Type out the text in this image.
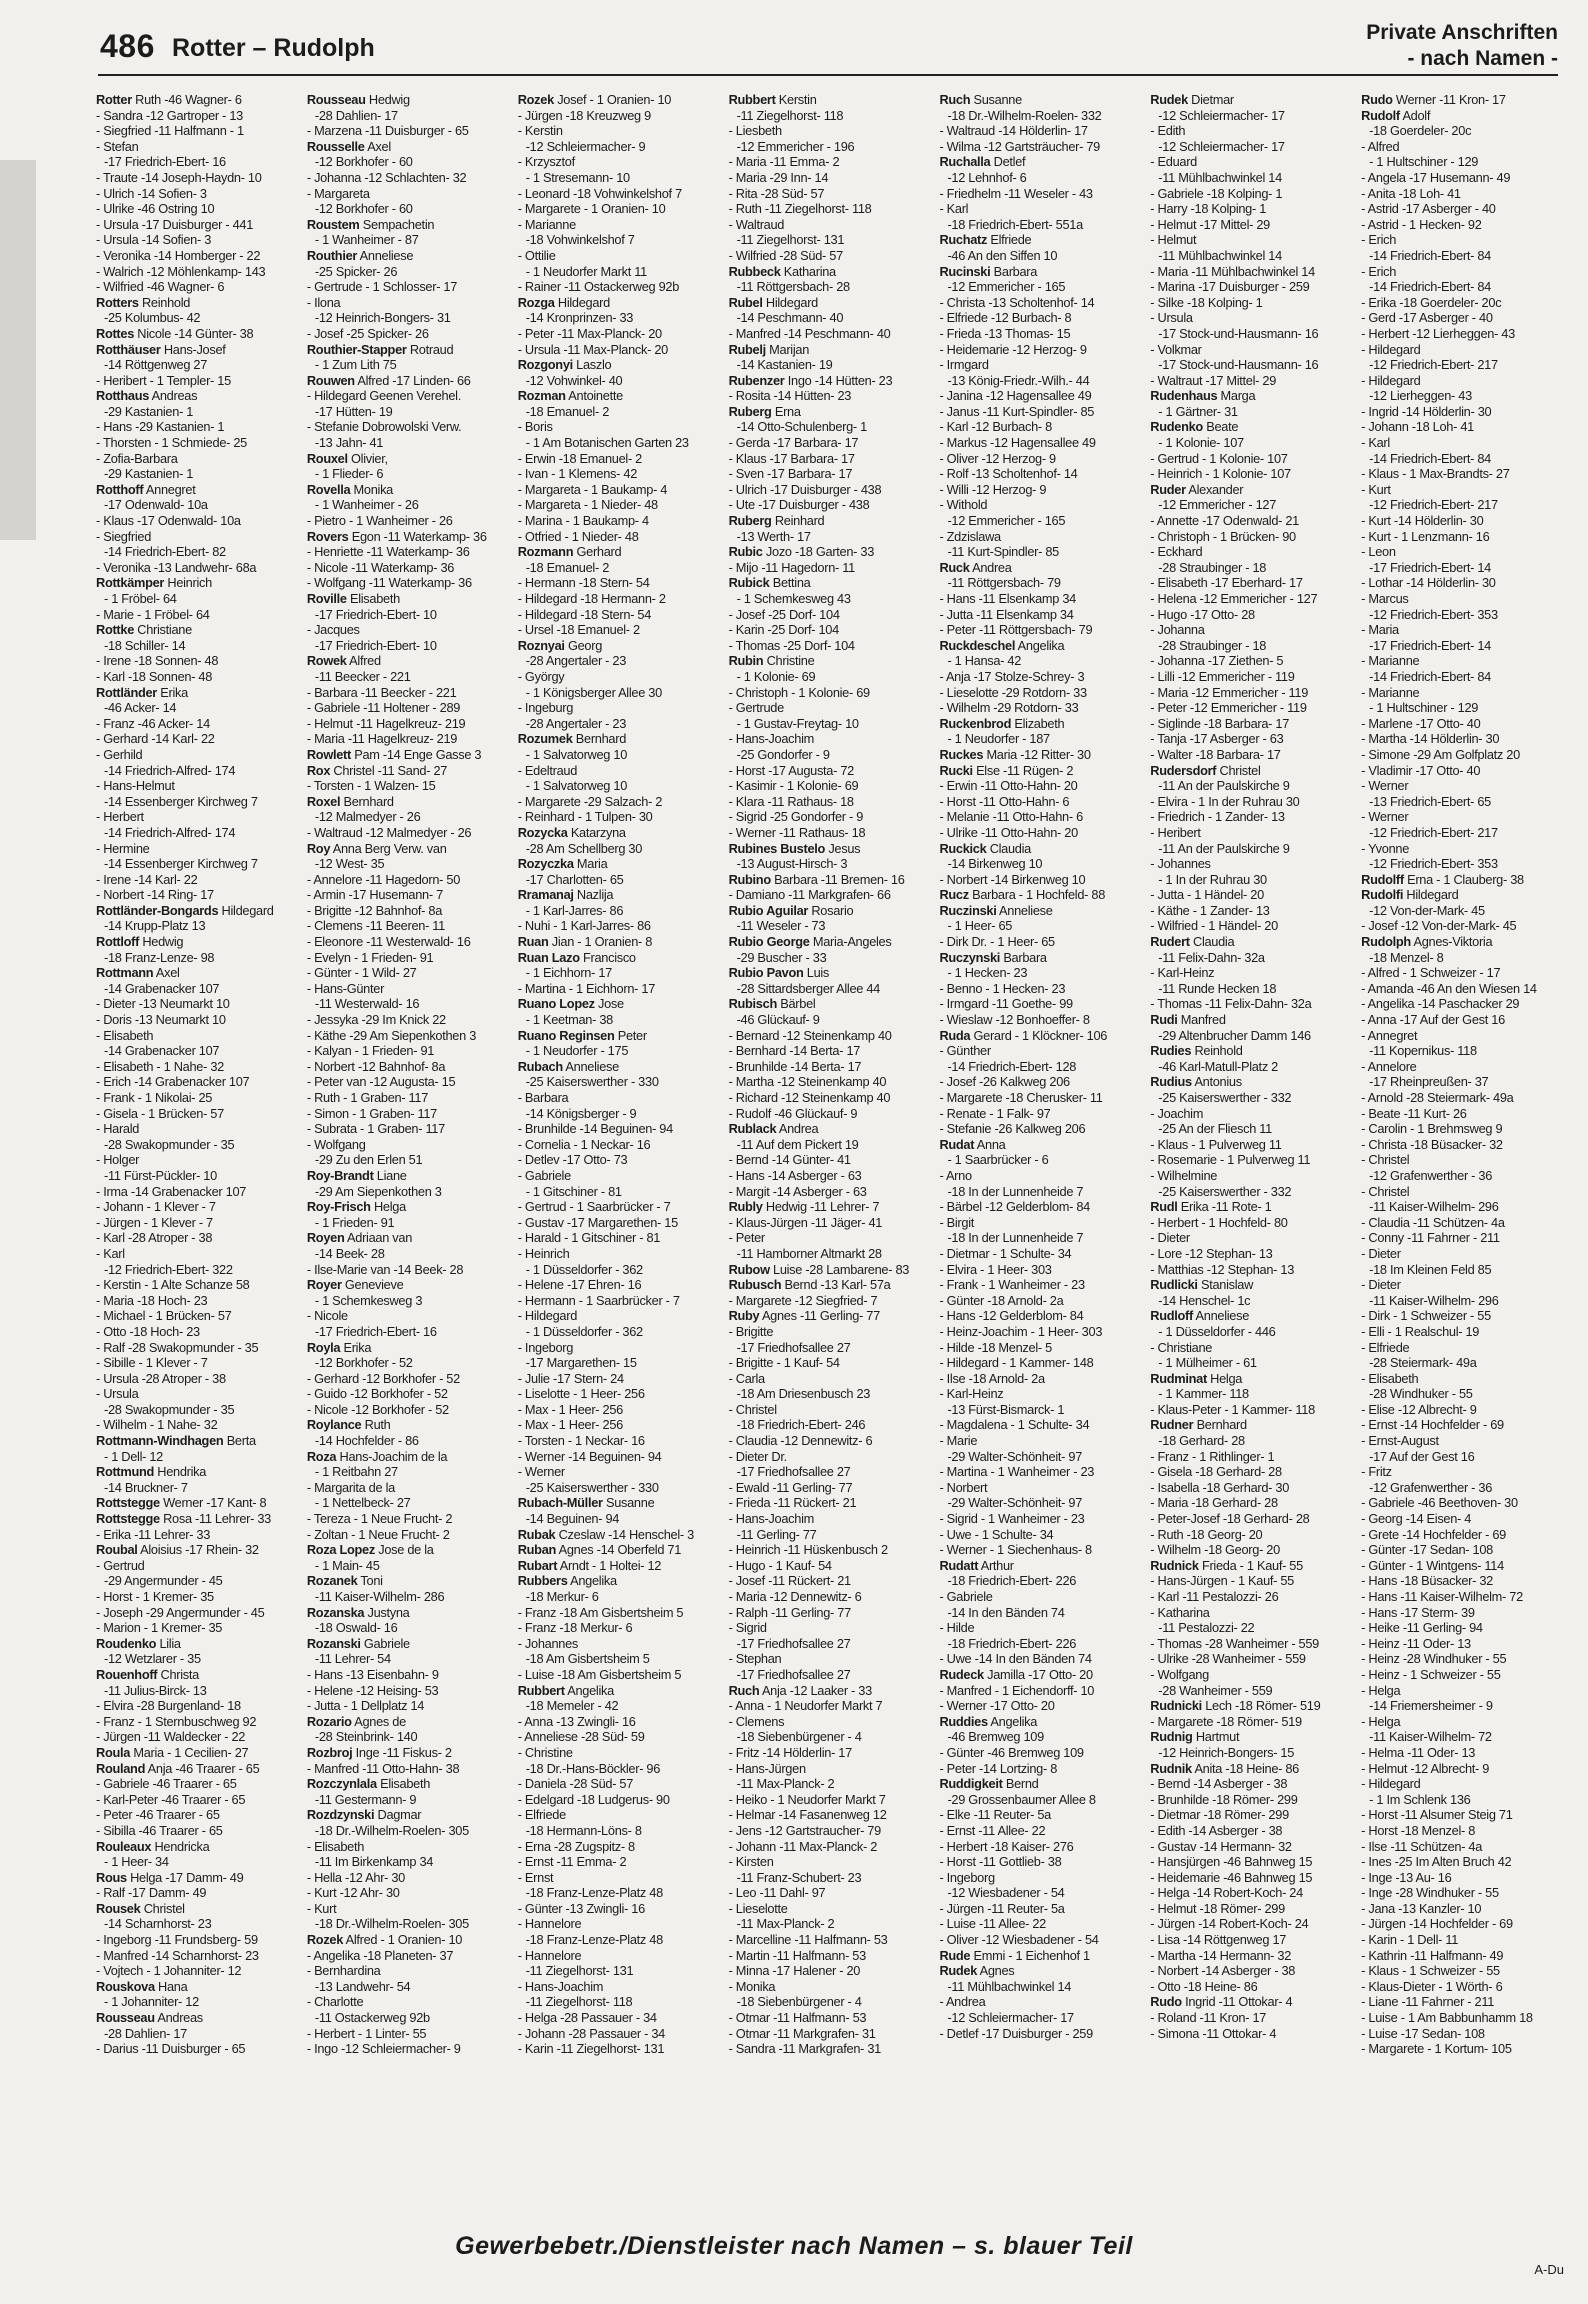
486 Rotter – Rudolph
Private Anschriften
- nach Namen -
Rotter Ruth -46 Wagner- 6
- Sandra -12 Gartroper - 13
- Siegfried -11 Halfmann - 1
- Stefan
-17 Friedrich-Ebert- 16
- Traute -14 Joseph-Haydn- 10
- Ulrich -14 Sofien- 3
- Ulrike -46 Ostring 10
- Ursula -17 Duisburger - 441
- Ursula -14 Sofien- 3
- Veronika -14 Homberger - 22
- Walrich -12 Möhlenkamp- 143
- Wilfried -46 Wagner- 6
Rotters Reinhold
-25 Kolumbus- 42
Rottes Nicole -14 Günter- 38
Rotthäuser Hans-Josef
-14 Röttgenweg 27
- Heribert - 1 Templer- 15
Rotthaus Andreas
-29 Kastanien- 1
- Hans -29 Kastanien- 1
- Thorsten - 1 Schmiede- 25
- Zofia-Barbara
-29 Kastanien- 1
Rotthoff Annegret
-17 Odenwald- 10a
- Klaus -17 Odenwald- 10a
- Siegfried
-14 Friedrich-Ebert- 82
- Veronika -13 Landwehr- 68a
Rottkämper Heinrich
- 1 Fröbel- 64
- Marie - 1 Fröbel- 64
Rottke Christiane
-18 Schiller- 14
- Irene -18 Sonnen- 48
- Karl -18 Sonnen- 48
Rottländer Erika
-46 Acker- 14
- Franz -46 Acker- 14
- Gerhard -14 Karl- 22
- Gerhild
-14 Friedrich-Alfred- 174
- Hans-Helmut
-14 Essenberger Kirchweg 7
- Herbert
-14 Friedrich-Alfred- 174
- Hermine
-14 Essenberger Kirchweg 7
- Irene -14 Karl- 22
- Norbert -14 Ring- 17
Rottländer-Bongards Hildegard
-14 Krupp-Platz 13
Rottloff Hedwig
-18 Franz-Lenze- 98
Rottmann Axel
-14 Grabenacker 107
- Dieter -13 Neumarkt 10
- Doris -13 Neumarkt 10
- Elisabeth
-14 Grabenacker 107
- Elisabeth - 1 Nahe- 32
- Erich -14 Grabenacker 107
- Frank - 1 Nikolai- 25
- Gisela - 1 Brücken- 57
- Harald
-28 Swakopmunder - 35
- Holger
-11 Fürst-Pückler- 10
- Irma -14 Grabenacker 107
- Johann - 1 Klever - 7
- Jürgen - 1 Klever - 7
- Karl -28 Atroper - 38
- Karl
-12 Friedrich-Ebert- 322
- Kerstin - 1 Alte Schanze 58
- Maria -18 Hoch- 23
- Michael - 1 Brücken- 57
- Otto -18 Hoch- 23
- Ralf -28 Swakopmunder - 35
- Sibille - 1 Klever - 7
- Ursula -28 Atroper - 38
- Ursula
-28 Swakopmunder - 35
- Wilhelm - 1 Nahe- 32
Rottmann-Windhagen Berta
- 1 Dell- 12
Rottmund Hendrika
-14 Bruckner- 7
Rottstegge Werner -17 Kant- 8
Rottstegge Rosa -11 Lehrer- 33
- Erika -11 Lehrer- 33
Roubal Aloisius -17 Rhein- 32
- Gertrud
-29 Angermunder - 45
- Horst - 1 Kremer- 35
- Joseph -29 Angermunder - 45
- Marion - 1 Kremer- 35
Roudenko Lilia
-12 Wetzlarer - 35
Rouenhoff Christa
-11 Julius-Birck- 13
- Elvira -28 Burgenland- 18
- Franz - 1 Sternbuschweg 92
- Jürgen -11 Waldecker - 22
Roula Maria - 1 Cecilien- 27
Rouland Anja -46 Traarer - 65
- Gabriele -46 Traarer - 65
- Karl-Peter -46 Traarer - 65
- Peter -46 Traarer - 65
- Sibilla -46 Traarer - 65
Rouleaux Hendricka
- 1 Heer- 34
Rous Helga -17 Damm- 49
- Ralf -17 Damm- 49
Rousek Christel
-14 Scharnhorst- 23
- Ingeborg -11 Frundsberg- 59
- Manfred -14 Scharnhorst- 23
- Vojtech - 1 Johanniter- 12
Rouskova Hana
- 1 Johanniter- 12
Rousseau Andreas
-28 Dahlien- 17
- Darius -11 Duisburger - 65
Rousseau Hedwig
-28 Dahlien- 17
- Marzena -11 Duisburger - 65
Rousselle Axel
-12 Borkhofer - 60
- Johanna -12 Schlachten- 32
- Margareta
-12 Borkhofer - 60
Roustem Sempachetin
- 1 Wanheimer - 87
Routhier Anneliese
-25 Spicker- 26
- Gertrude - 1 Schlosser- 17
- Ilona
-12 Heinrich-Bongers- 31
- Josef -25 Spicker- 26
Routhier-Stapper Rotraud
- 1 Zum Lith 75
Rouwen Alfred -17 Linden- 66
- Hildegard Geenen Verehel.
-17 Hütten- 19
- Stefanie Dobrowolski Verw.
-13 Jahn- 41
Rouxel Olivier,
- 1 Flieder- 6
Rovella Monika
- 1 Wanheimer - 26
- Pietro - 1 Wanheimer - 26
Rovers Egon -11 Waterkamp- 36
- Henriette -11 Waterkamp- 36
- Nicole -11 Waterkamp- 36
- Wolfgang -11 Waterkamp- 36
Roville Elisabeth
-17 Friedrich-Ebert- 10
- Jacques
-17 Friedrich-Ebert- 10
Rowek Alfred
-11 Beecker - 221
- Barbara -11 Beecker - 221
- Gabriele -11 Holtener - 289
- Helmut -11 Hagelkreuz- 219
- Maria -11 Hagelkreuz- 219
Rowlett Pam -14 Enge Gasse 3
Rox Christel -11 Sand- 27
- Torsten - 1 Walzen- 15
Roxel Bernhard
-12 Malmedyer - 26
- Waltraud -12 Malmedyer - 26
Roy Anna Berg Verw. van
-12 West- 35
- Annelore -11 Hagedorn- 50
- Armin -17 Husemann- 7
- Brigitte -12 Bahnhof- 8a
- Clemens -11 Beeren- 11
- Eleonore -11 Westerwald- 16
- Evelyn - 1 Frieden- 91
- Günter - 1 Wild- 27
- Hans-Günter
-11 Westerwald- 16
- Jessyka -29 Im Knick 22
- Käthe -29 Am Siepenkothen 3
- Kalyan - 1 Frieden- 91
- Norbert -12 Bahnhof- 8a
- Peter van -12 Augusta- 15
- Ruth - 1 Graben- 117
- Simon - 1 Graben- 117
- Subrata - 1 Graben- 117
- Wolfgang
-29 Zu den Erlen 51
Roy-Brandt Liane
-29 Am Siepenkothen 3
Roy-Frisch Helga
- 1 Frieden- 91
Royen Adriaan van
-14 Beek- 28
- Ilse-Marie van -14 Beek- 28
Royer Genevieve
- 1 Schemkesweg 3
- Nicole
-17 Friedrich-Ebert- 16
Royla Erika
-12 Borkhofer - 52
- Gerhard -12 Borkhofer - 52
- Guido -12 Borkhofer - 52
- Nicole -12 Borkhofer - 52
Roylance Ruth
-14 Hochfelder - 86
Roza Hans-Joachim de la
- 1 Reitbahn 27
- Margarita de la
- 1 Nettelbeck- 27
- Tereza - 1 Neue Frucht- 2
- Zoltan - 1 Neue Frucht- 2
Roza Lopez Jose de la
- 1 Main- 45
Rozanek Toni
-11 Kaiser-Wilhelm- 286
Rozanska Justyna
-18 Oswald- 16
Rozanski Gabriele
-11 Lehrer- 54
- Hans -13 Eisenbahn- 9
- Helene -12 Heising- 53
- Jutta - 1 Dellplatz 14
Rozario Agnes de
-28 Steinbrink- 140
Rozbroj Inge -11 Fiskus- 2
- Manfred -11 Otto-Hahn- 38
Rozczynlala Elisabeth
-11 Gestermann- 9
Rozdzynski Dagmar
-18 Dr.-Wilhelm-Roelen- 305
- Elisabeth
-11 Im Birkenkamp 34
- Hella -12 Ahr- 30
- Kurt -12 Ahr- 30
- Kurt
-18 Dr.-Wilhelm-Roelen- 305
Rozek Alfred - 1 Oranien- 10
- Angelika -18 Planeten- 37
- Bernhardina
-13 Landwehr- 54
- Charlotte
-11 Ostackerweg 92b
- Herbert - 1 Linter- 55
- Ingo -12 Schleiermacher- 9
Rozek Josef - 1 Oranien- 10
- Jürgen -18 Kreuzweg 9
- Kerstin
-12 Schleiermacher- 9
- Krzysztof
- 1 Stresemann- 10
- Leonard -18 Vohwinkelshof 7
- Margarete - 1 Oranien- 10
- Marianne
-18 Vohwinkelshof 7
- Ottilie
- 1 Neudorfer Markt 11
- Rainer -11 Ostackerweg 92b
Rozga Hildegard
-14 Kronprinzen- 33
- Peter -11 Max-Planck- 20
- Ursula -11 Max-Planck- 20
Rozgonyi Laszlo
-12 Vohwinkel- 40
Rozman Antoinette
-18 Emanuel- 2
- Boris
- 1 Am Botanischen Garten 23
- Erwin -18 Emanuel- 2
- Ivan - 1 Klemens- 42
- Margareta - 1 Baukamp- 4
- Margareta - 1 Nieder- 48
- Marina - 1 Baukamp- 4
- Otfried - 1 Nieder- 48
Rozmann Gerhard
-18 Emanuel- 2
- Hermann -18 Stern- 54
- Hildegard -18 Hermann- 2
- Hildegard -18 Stern- 54
- Ursel -18 Emanuel- 2
Roznyai Georg
-28 Angertaler - 23
- György
- 1 Königsberger Allee 30
- Ingeburg
-28 Angertaler - 23
Rozumek Bernhard
- 1 Salvatorweg 10
- Edeltraud
- 1 Salvatorweg 10
- Margarete -29 Salzach- 2
- Reinhard - 1 Tulpen- 30
Rozycka Katarzyna
-28 Am Schellberg 30
Rozyczka Maria
-17 Charlotten- 65
Rramanaj Nazlija
- 1 Karl-Jarres- 86
- Nuhi - 1 Karl-Jarres- 86
Ruan Jian - 1 Oranien- 8
Ruan Lazo Francisco
- 1 Eichhorn- 17
- Martina - 1 Eichhorn- 17
Ruano Lopez Jose
- 1 Keetman- 38
Ruano Reginsen Peter
- 1 Neudorfer - 175
Rubach Anneliese
-25 Kaiserswerther - 330
- Barbara
-14 Königsberger - 9
- Brunhilde -14 Beguinen- 94
- Cornelia - 1 Neckar- 16
- Detlev -17 Otto- 73
- Gabriele
- 1 Gitschiner - 81
- Gertrud - 1 Saarbrücker - 7
- Gustav -17 Margarethen- 15
- Harald - 1 Gitschiner - 81
- Heinrich
- 1 Düsseldorfer - 362
- Helene -17 Ehren- 16
- Hermann - 1 Saarbrücker - 7
- Hildegard
- 1 Düsseldorfer - 362
- Ingeborg
-17 Margarethen- 15
- Julie -17 Stern- 24
- Liselotte - 1 Heer- 256
- Max - 1 Heer- 256
- Max - 1 Heer- 256
- Torsten - 1 Neckar- 16
- Werner -14 Beguinen- 94
- Werner
-25 Kaiserswerther - 330
Rubach-Müller Susanne
-14 Beguinen- 94
Rubak Czeslaw -14 Henschel- 3
Ruban Agnes -14 Oberfeld 71
Rubart Arndt - 1 Holtei- 12
Rubbers Angelika
-18 Merkur- 6
- Franz -18 Am Gisbertsheim 5
- Franz -18 Merkur- 6
- Johannes
-18 Am Gisbertsheim 5
- Luise -18 Am Gisbertsheim 5
Rubbert Angelika
-18 Memeler - 42
- Anna -13 Zwingli- 16
- Anneliese -28 Süd- 59
- Christine
-18 Dr.-Hans-Böckler- 96
- Daniela -28 Süd- 57
- Edelgard -18 Ludgerus- 90
- Elfriede
-18 Hermann-Löns- 8
- Erna -28 Zugspitz- 8
- Ernst -11 Emma- 2
- Ernst
-18 Franz-Lenze-Platz 48
- Günter -13 Zwingli- 16
- Hannelore
-18 Franz-Lenze-Platz 48
- Hannelore
-11 Ziegelhorst- 131
- Hans-Joachim
-11 Ziegelhorst- 118
- Helga -28 Passauer - 34
- Johann -28 Passauer - 34
- Karin -11 Ziegelhorst- 131
Rubbert Kerstin
-11 Ziegelhorst- 118
- Liesbeth
-12 Emmericher - 196
- Maria -11 Emma- 2
- Maria -29 Inn- 14
- Rita -28 Süd- 57
- Ruth -11 Ziegelhorst- 118
- Waltraud
-11 Ziegelhorst- 131
- Wilfried -28 Süd- 57
Rubbeck Katharina
-11 Röttgersbach- 28
Rubel Hildegard
-14 Peschmann- 40
- Manfred -14 Peschmann- 40
Rubelj Marijan
-14 Kastanien- 19
Rubenzer Ingo -14 Hütten- 23
- Rosita -14 Hütten- 23
Ruberg Erna
-14 Otto-Schulenberg- 1
- Gerda -17 Barbara- 17
- Klaus -17 Barbara- 17
- Sven -17 Barbara- 17
- Ulrich -17 Duisburger - 438
- Ute -17 Duisburger - 438
Ruberg Reinhard
-13 Werth- 17
Rubic Jozo -18 Garten- 33
- Mijo -11 Hagedorn- 11
Rubick Bettina
- 1 Schemkesweg 43
- Josef -25 Dorf- 104
- Karin -25 Dorf- 104
- Thomas -25 Dorf- 104
Rubin Christine
- 1 Kolonie- 69
- Christoph - 1 Kolonie- 69
- Gertrude
- 1 Gustav-Freytag- 10
- Hans-Joachim
-25 Gondorfer - 9
- Horst -17 Augusta- 72
- Kasimir - 1 Kolonie- 69
- Klara -11 Rathaus- 18
- Sigrid -25 Gondorfer - 9
- Werner -11 Rathaus- 18
Rubines Bustelo Jesus
-13 August-Hirsch- 3
Rubino Barbara -11 Bremen- 16
- Damiano -11 Markgrafen- 66
Rubio Aguilar Rosario
-11 Weseler - 73
Rubio George Maria-Angeles
-29 Buscher - 33
Rubio Pavon Luis
-28 Sittardsberger Allee 44
Rubisch Bärbel
-46 Glückauf- 9
- Bernard -12 Steinenkamp 40
- Bernhard -14 Berta- 17
- Brunhilde -14 Berta- 17
- Martha -12 Steinenkamp 40
- Richard -12 Steinenkamp 40
- Rudolf -46 Glückauf- 9
Rublack Andrea
-11 Auf dem Pickert 19
- Bernd -14 Günter- 41
- Hans -14 Asberger - 63
- Margit -14 Asberger - 63
Rubly Hedwig -11 Lehrer- 7
- Klaus-Jürgen -11 Jäger- 41
- Peter
-11 Hamborner Altmarkt 28
Rubow Luise -28 Lambarene- 83
Rubusch Bernd -13 Karl- 57a
- Margarete -12 Siegfried- 7
Ruby Agnes -11 Gerling- 77
- Brigitte
-17 Friedhofsallee 27
- Brigitte - 1 Kauf- 54
- Carla
-18 Am Driesenbusch 23
- Christel
-18 Friedrich-Ebert- 246
- Claudia -12 Dennewitz- 6
- Dieter Dr.
-17 Friedhofsallee 27
- Ewald -11 Gerling- 77
- Frieda -11 Rückert- 21
- Hans-Joachim
-11 Gerling- 77
- Heinrich -11 Hüskenbusch 2
- Hugo - 1 Kauf- 54
- Josef -11 Rückert- 21
- Maria -12 Dennewitz- 6
- Ralph -11 Gerling- 77
- Sigrid
-17 Friedhofsallee 27
- Stephan
-17 Friedhofsallee 27
Ruch Anja -12 Laaker - 33
- Anna - 1 Neudorfer Markt 7
- Clemens
-18 Siebenbürgener - 4
- Fritz -14 Hölderlin- 17
- Hans-Jürgen
-11 Max-Planck- 2
- Heiko - 1 Neudorfer Markt 7
- Helmar -14 Fasanenweg 12
- Jens -12 Gartstraucher- 79
- Johann -11 Max-Planck- 2
- Kirsten
-11 Franz-Schubert- 23
- Leo -11 Dahl- 97
- Lieselotte
-11 Max-Planck- 2
- Marcelline -11 Halfmann- 53
- Martin -11 Halfmann- 53
- Minna -17 Halener - 20
- Monika
-18 Siebenbürgener - 4
- Otmar -11 Halfmann- 53
- Otmar -11 Markgrafen- 31
- Sandra -11 Markgrafen- 31
Ruch Susanne
-18 Dr.-Wilhelm-Roelen- 332
- Waltraud -14 Hölderlin- 17
- Wilma -12 Gartsträucher- 79
Ruchalla Detlef
-12 Lehnhof- 6
- Friedhelm -11 Weseler - 43
- Karl
-18 Friedrich-Ebert- 551a
Ruchatz Elfriede
-46 An den Siffen 10
Rucinski Barbara
-12 Emmericher - 165
- Christa -13 Scholtenhof- 14
- Elfriede -12 Burbach- 8
- Frieda -13 Thomas- 15
- Heidemarie -12 Herzog- 9
- Irmgard
-13 König-Friedr.-Wilh.- 44
- Janina -12 Hagensallee 49
- Janus -11 Kurt-Spindler- 85
- Karl -12 Burbach- 8
- Markus -12 Hagensallee 49
- Oliver -12 Herzog- 9
- Rolf -13 Scholtenhof- 14
- Willi -12 Herzog- 9
- Withold
-12 Emmericher - 165
- Zdzislawa
-11 Kurt-Spindler- 85
Ruck Andrea
-11 Röttgersbach- 79
- Hans -11 Elsenkamp 34
- Jutta -11 Elsenkamp 34
- Peter -11 Röttgersbach- 79
Ruckdeschel Angelika
- 1 Hansa- 42
- Anja -17 Stolze-Schrey- 3
- Lieselotte -29 Rotdorn- 33
- Wilhelm -29 Rotdorn- 33
Ruckenbrod Elizabeth
- 1 Neudorfer - 187
Ruckes Maria -12 Ritter- 30
Rucki Else -11 Rügen- 2
- Erwin -11 Otto-Hahn- 20
- Horst -11 Otto-Hahn- 6
- Melanie -11 Otto-Hahn- 6
- Ulrike -11 Otto-Hahn- 20
Ruckick Claudia
-14 Birkenweg 10
- Norbert -14 Birkenweg 10
Rucz Barbara - 1 Hochfeld- 88
Ruczinski Anneliese
- 1 Heer- 65
- Dirk Dr. - 1 Heer- 65
Ruczynski Barbara
- 1 Hecken- 23
- Benno - 1 Hecken- 23
- Irmgard -11 Goethe- 99
- Wieslaw -12 Bonhoeffer- 8
Ruda Gerard - 1 Klöckner- 106
- Günther
-14 Friedrich-Ebert- 128
- Josef -26 Kalkweg 206
- Margarete -18 Cherusker- 11
- Renate - 1 Falk- 97
- Stefanie -26 Kalkweg 206
Rudat Anna
- 1 Saarbrücker - 6
- Arno
-18 In der Lunnenheide 7
- Bärbel -12 Gelderblom- 84
- Birgit
-18 In der Lunnenheide 7
- Dietmar - 1 Schulte- 34
- Elvira - 1 Heer- 303
- Frank - 1 Wanheimer - 23
- Günter -18 Arnold- 2a
- Hans -12 Gelderblom- 84
- Heinz-Joachim - 1 Heer- 303
- Hilde -18 Menzel- 5
- Hildegard - 1 Kammer- 148
- Ilse -18 Arnold- 2a
- Karl-Heinz
-13 Fürst-Bismarck- 1
- Magdalena - 1 Schulte- 34
- Marie
-29 Walter-Schönheit- 97
- Martina - 1 Wanheimer - 23
- Norbert
-29 Walter-Schönheit- 97
- Sigrid - 1 Wanheimer - 23
- Uwe - 1 Schulte- 34
- Werner - 1 Siechenhaus- 8
Rudatt Arthur
-18 Friedrich-Ebert- 226
- Gabriele
-14 In den Bänden 74
- Hilde
-18 Friedrich-Ebert- 226
- Uwe -14 In den Bänden 74
Rudeck Jamilla -17 Otto- 20
- Manfred - 1 Eichendorff- 10
- Werner -17 Otto- 20
Ruddies Angelika
-46 Bremweg 109
- Günter -46 Bremweg 109
- Peter -14 Lortzing- 8
Ruddigkeit Bernd
-29 Grossenbaumer Allee 8
- Elke -11 Reuter- 5a
- Ernst -11 Allee- 22
- Herbert -18 Kaiser- 276
- Horst -11 Gottlieb- 38
- Ingeborg
-12 Wiesbadener - 54
- Jürgen -11 Reuter- 5a
- Luise -11 Allee- 22
- Oliver -12 Wiesbadener - 54
Rude Emmi - 1 Eichenhof 1
Rudek Agnes
-11 Mühlbachwinkel 14
- Andrea
-12 Schleiermacher- 17
- Detlef -17 Duisburger - 259
Rudek Dietmar
-12 Schleiermacher- 17
- Edith
-12 Schleiermacher- 17
- Eduard
-11 Mühlbachwinkel 14
- Gabriele -18 Kolping- 1
- Harry -18 Kolping- 1
- Helmut -17 Mittel- 29
- Helmut
-11 Mühlbachwinkel 14
- Maria -11 Mühlbachwinkel 14
- Marina -17 Duisburger - 259
- Silke -18 Kolping- 1
- Ursula
-17 Stock-und-Hausmann- 16
- Volkmar
-17 Stock-und-Hausmann- 16
- Waltraut -17 Mittel- 29
Rudenhaus Marga
- 1 Gärtner- 31
Rudenko Beate
- 1 Kolonie- 107
- Gertrud - 1 Kolonie- 107
- Heinrich - 1 Kolonie- 107
Ruder Alexander
-12 Emmericher - 127
- Annette -17 Odenwald- 21
- Christoph - 1 Brücken- 90
- Eckhard
-28 Straubinger - 18
- Elisabeth -17 Eberhard- 17
- Helena -12 Emmericher - 127
- Hugo -17 Otto- 28
- Johanna
-28 Straubinger - 18
- Johanna -17 Ziethen- 5
- Lilli -12 Emmericher - 119
- Maria -12 Emmericher - 119
- Peter -12 Emmericher - 119
- Siglinde -18 Barbara- 17
- Tanja -17 Asberger - 63
- Walter -18 Barbara- 17
Rudersdorf Christel
-11 An der Paulskirche 9
- Elvira - 1 In der Ruhrau 30
- Friedrich - 1 Zander- 13
- Heribert
-11 An der Paulskirche 9
- Johannes
- 1 In der Ruhrau 30
- Jutta - 1 Händel- 20
- Käthe - 1 Zander- 13
- Wilfried - 1 Händel- 20
Rudert Claudia
-11 Felix-Dahn- 32a
- Karl-Heinz
-11 Runde Hecken 18
- Thomas -11 Felix-Dahn- 32a
Rudi Manfred
-29 Altenbrucher Damm 146
Rudies Reinhold
-46 Karl-Matull-Platz 2
Rudius Antonius
-25 Kaiserswerther - 332
- Joachim
-25 An der Fliesch 11
- Klaus - 1 Pulverweg 11
- Rosemarie - 1 Pulverweg 11
- Wilhelmine
-25 Kaiserswerther - 332
Rudl Erika -11 Rote- 1
- Herbert - 1 Hochfeld- 80
- Dieter
- Lore -12 Stephan- 13
- Matthias -12 Stephan- 13
Rudlicki Stanislaw
-14 Henschel- 1c
Rudloff Anneliese
- 1 Düsseldorfer - 446
- Christiane
- 1 Mülheimer - 61
Rudminat Helga
- 1 Kammer- 118
- Klaus-Peter - 1 Kammer- 118
Rudner Bernhard
-18 Gerhard- 28
- Franz - 1 Rithlinger- 1
- Gisela -18 Gerhard- 28
- Isabella -18 Gerhard- 30
- Maria -18 Gerhard- 28
- Peter-Josef -18 Gerhard- 28
- Ruth -18 Georg- 20
- Wilhelm -18 Georg- 20
Rudnick Frieda - 1 Kauf- 55
- Hans-Jürgen - 1 Kauf- 55
- Karl -11 Pestalozzi- 26
- Katharina
-11 Pestalozzi- 22
- Thomas -28 Wanheimer - 559
- Ulrike -28 Wanheimer - 559
- Wolfgang
-28 Wanheimer - 559
Rudnicki Lech -18 Römer- 519
- Margarete -18 Römer- 519
Rudnig Hartmut
-12 Heinrich-Bongers- 15
Rudnik Anita -18 Heine- 86
- Bernd -14 Asberger - 38
- Brunhilde -18 Römer- 299
- Dietmar -18 Römer- 299
- Edith -14 Asberger - 38
- Gustav -14 Hermann- 32
- Hansjürgen -46 Bahnweg 15
- Heidemarie -46 Bahnweg 15
- Helga -14 Robert-Koch- 24
- Helmut -18 Römer- 299
- Jürgen -14 Robert-Koch- 24
- Lisa -14 Röttgenweg 17
- Martha -14 Hermann- 32
- Norbert -14 Asberger - 38
- Otto -18 Heine- 86
Rudo Ingrid -11 Ottokar- 4
- Roland -11 Kron- 17
- Simona -11 Ottokar- 4
Rudo Werner -11 Kron- 17
Rudolf Adolf
-18 Goerdeler- 20c
- Alfred
- 1 Hultschiner - 129
- Angela -17 Husemann- 49
- Anita -18 Loh- 41
- Astrid -17 Asberger - 40
- Astrid - 1 Hecken- 92
- Erich
-14 Friedrich-Ebert- 84
- Erich
-14 Friedrich-Ebert- 84
- Erika -18 Goerdeler- 20c
- Gerd -17 Asberger - 40
- Herbert -12 Lierheggen- 43
- Hildegard
-12 Friedrich-Ebert- 217
- Hildegard
-12 Lierheggen- 43
- Ingrid -14 Hölderlin- 30
- Johann -18 Loh- 41
- Karl
-14 Friedrich-Ebert- 84
- Klaus - 1 Max-Brandts- 27
- Kurt
-12 Friedrich-Ebert- 217
- Kurt -14 Hölderlin- 30
- Kurt - 1 Lenzmann- 16
- Leon
-17 Friedrich-Ebert- 14
- Lothar -14 Hölderlin- 30
- Marcus
-12 Friedrich-Ebert- 353
- Maria
-17 Friedrich-Ebert- 14
- Marianne
-14 Friedrich-Ebert- 84
- Marianne
- 1 Hultschiner - 129
- Marlene -17 Otto- 40
- Martha -14 Hölderlin- 30
- Simone -29 Am Golfplatz 20
- Vladimir -17 Otto- 40
- Werner
-13 Friedrich-Ebert- 65
- Werner
-12 Friedrich-Ebert- 217
- Yvonne
-12 Friedrich-Ebert- 353
Rudolff Erna - 1 Clauberg- 38
Rudolfi Hildegard
-12 Von-der-Mark- 45
- Josef -12 Von-der-Mark- 45
Rudolph Agnes-Viktoria
-18 Menzel- 8
- Alfred - 1 Schweizer - 17
- Amanda -46 An den Wiesen 14
- Angelika -14 Paschacker 29
- Anna -17 Auf der Gest 16
- Annegret
-11 Kopernikus- 118
- Annelore
-17 Rheinpreußen- 37
- Arnold -28 Steiermark- 49a
- Beate -11 Kurt- 26
- Carolin - 1 Brehmsweg 9
- Christa -18 Büsacker- 32
- Christel
-12 Grafenwerther - 36
- Christel
-11 Kaiser-Wilhelm- 296
- Claudia -11 Schützen- 4a
- Conny -11 Fahrner - 211
- Dieter
-18 Im Kleinen Feld 85
- Dieter
-11 Kaiser-Wilhelm- 296
- Dirk - 1 Schweizer - 55
- Elli - 1 Realschul- 19
- Elfriede
-28 Steiermark- 49a
- Elisabeth
-28 Windhuker - 55
- Elise -12 Albrecht- 9
- Ernst -14 Hochfelder - 69
- Ernst-August
-17 Auf der Gest 16
- Fritz
-12 Grafenwerther - 36
- Gabriele -46 Beethoven- 30
- Georg -14 Eisen- 4
- Grete -14 Hochfelder - 69
- Günter -17 Sedan- 108
- Günter - 1 Wintgens- 114
- Hans -18 Büsacker- 32
- Hans -11 Kaiser-Wilhelm- 72
- Hans -17 Sterm- 39
- Heike -11 Gerling- 94
- Heinz -11 Oder- 13
- Heinz -28 Windhuker - 55
- Heinz - 1 Schweizer - 55
- Helga
-14 Friemersheimer - 9
- Helga
-11 Kaiser-Wilhelm- 72
- Helma -11 Oder- 13
- Helmut -12 Albrecht- 9
- Hildegard
- 1 Im Schlenk 136
- Horst -11 Alsumer Steig 71
- Horst -18 Menzel- 8
- Ilse -11 Schützen- 4a
- Ines -25 Im Alten Bruch 42
- Inge -13 Au- 16
- Inge -28 Windhuker - 55
- Jana -13 Kanzler- 10
- Jürgen -14 Hochfelder - 69
- Karin - 1 Dell- 11
- Kathrin -11 Halfmann- 49
- Klaus - 1 Schweizer - 55
- Klaus-Dieter - 1 Wörth- 6
- Liane -11 Fahrner - 211
- Luise - 1 Am Babbunhamm 18
- Luise -17 Sedan- 108
- Margarete - 1 Kortum- 105
Gewerbebetr./Dienstleister nach Namen – s. blauer Teil
A-Du
